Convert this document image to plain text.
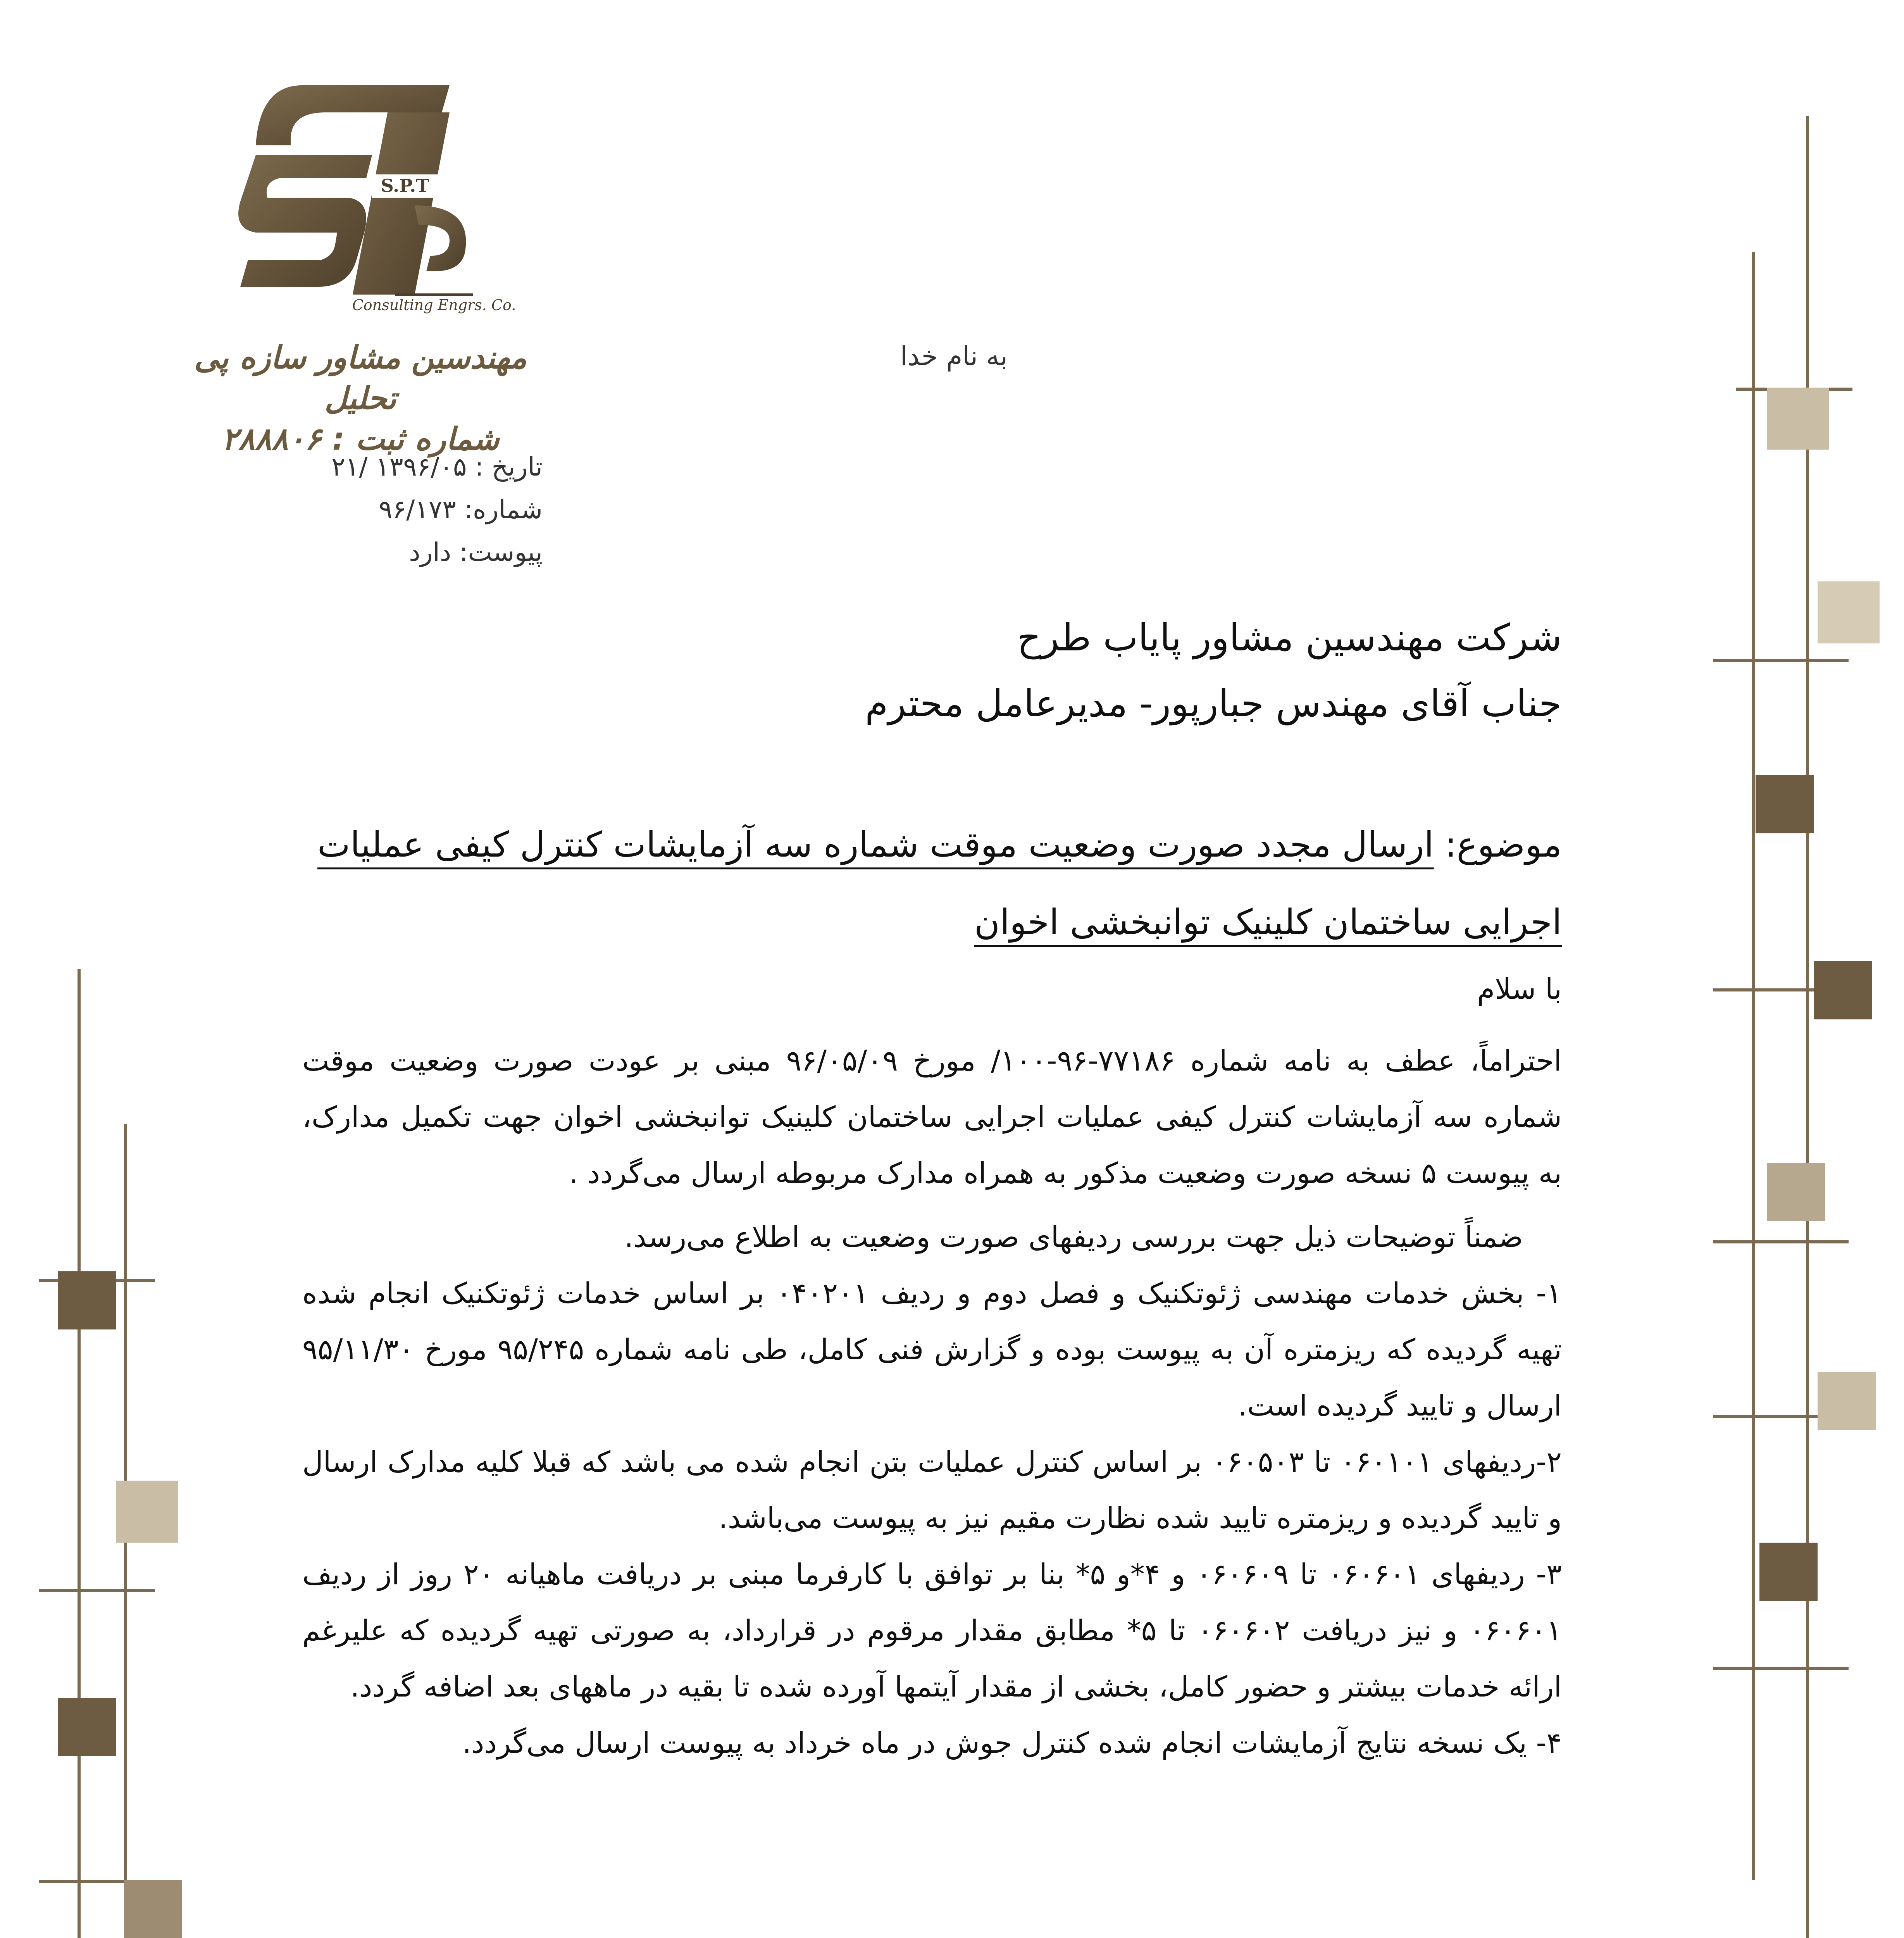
S.P.T
Consulting Engrs. Co.
مهندسین مشاور سازه پی تحلیل
شماره ثبت : ۲۸۸۸۰۶
به نام خدا
تاریخ : ۱۳۹۶/۰۵ /۲۱
شماره: ۹۶/۱۷۳
پیوست: دارد
شرکت مهندسین مشاور پایاب طرح
جناب آقای مهندس جبارپور- مدیرعامل محترم
موضوع: ارسال مجدد صورت وضعیت موقت شماره سه آزمایشات کنترل کیفی عملیات
اجرایی ساختمان کلینیک توانبخشی اخوان

با سلام

احتراماً، عطف به نامه شماره ۷۷۱۸۶-۹۶-۱۰۰/ مورخ ۹۶/۰۵/۰۹ مبنی بر عودت صورت وضعیت موقت شماره سه آزمایشات کنترل کیفی عملیات اجرایی ساختمان کلینیک توانبخشی اخوان جهت تکمیل مدارک، به پیوست ۵ نسخه صورت وضعیت مذکور به همراه مدارک مربوطه ارسال می‌گردد .

ضمناً توضیحات ذیل جهت بررسی ردیفهای صورت وضعیت به اطلاع می‌رسد.

۱- بخش خدمات مهندسی ژئوتکنیک و فصل دوم و ردیف ۰۴۰۲۰۱ بر اساس خدمات ژئوتکنیک انجام شده تهیه گردیده که ریزمتره آن به پیوست بوده و گزارش فنی کامل، طی نامه شماره ۹۵/۲۴۵ مورخ ۹۵/۱۱/۳۰ ارسال و تایید گردیده است.

۲-ردیفهای ۰۶۰۱۰۱ تا ۰۶۰۵۰۳ بر اساس کنترل عملیات بتن انجام شده می باشد که قبلا کلیه مدارک ارسال و تایید گردیده و ریزمتره تایید شده نظارت مقیم نیز به پیوست می‌باشد.

۳- ردیفهای ۰۶۰۶۰۱ تا ۰۶۰۶۰۹ و ۴*و ۵* بنا بر توافق با کارفرما مبنی بر دریافت ماهیانه ۲۰ روز از ردیف ۰۶۰۶۰۱ و نیز دریافت ۰۶۰۶۰۲ تا ۵* مطابق مقدار مرقوم در قرارداد، به صورتی تهیه گردیده که علیرغم ارائه خدمات بیشتر و حضور کامل، بخشی از مقدار آیتمها آورده شده تا بقیه در ماههای بعد اضافه گردد.

۴- یک نسخه نتایج آزمایشات انجام شده کنترل جوش در ماه خرداد به پیوست ارسال می‌گردد.
